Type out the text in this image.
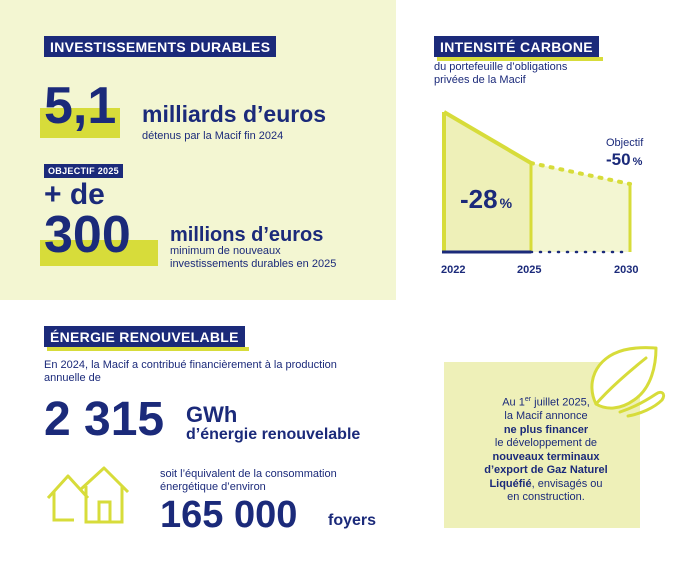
INVESTISSEMENTS DURABLES
5,1 milliards d’euros
détenus par la Macif fin 2024
OBJECTIF 2025
+ de
300 millions d’euros
minimum de nouveaux
investissements durables en 2025
INTENSITÉ CARBONE
du portefeuille d’obligations
privées de la Macif
-28 %
Objectif
-50 %
2022	2025	2030
ÉNERGIE RENOUVELABLE
En 2024, la Macif a contribué financièrement à la production
annuelle de
2 315 GWh
d’énergie renouvelable
soit l’équivalent de la consommation
énergétique d’environ
165 000 foyers
Au 1er juillet 2025,
la Macif annonce
ne plus financer
le développement de
nouveaux terminaux
d’export de Gaz Naturel
Liquéfié, envisagés ou
en construction.
